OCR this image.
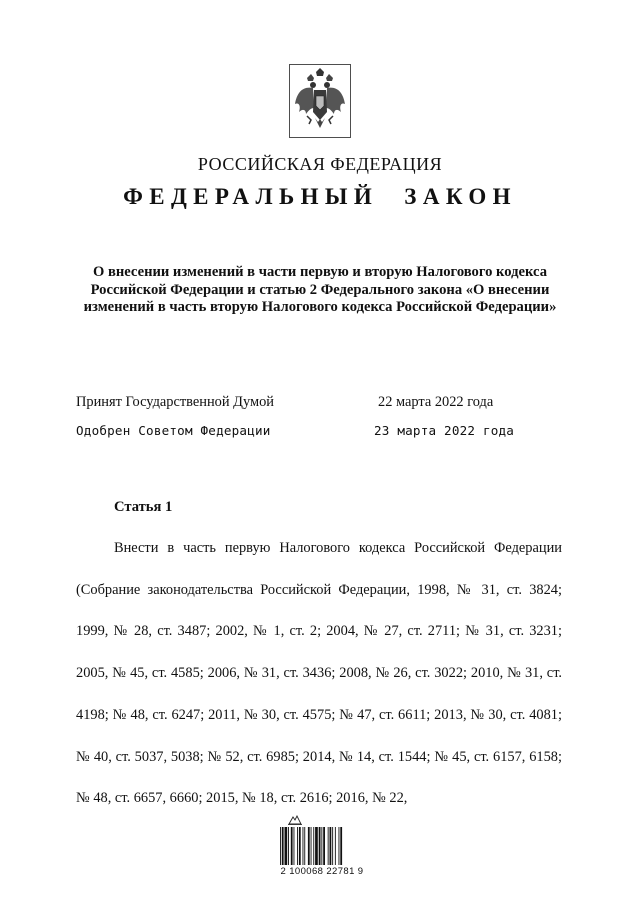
РОССИЙСКАЯ ФЕДЕРАЦИЯ
ФЕДЕРАЛЬНЫЙ ЗАКОН
О внесении изменений в части первую и вторую Налогового кодекса Российской Федерации и статью 2 Федерального закона «О внесении изменений в часть вторую Налогового кодекса Российской Федерации»
Принят Государственной Думой	22 марта 2022 года
Одобрен Советом Федерации	23 марта 2022 года
Статья 1
Внести в часть первую Налогового кодекса Российской Федерации (Собрание законодательства Российской Федерации, 1998, № 31, ст. 3824; 1999, № 28, ст. 3487; 2002, № 1, ст. 2; 2004, № 27, ст. 2711; № 31, ст. 3231; 2005, № 45, ст. 4585; 2006, № 31, ст. 3436; 2008, № 26, ст. 3022; 2010, № 31, ст. 4198; № 48, ст. 6247; 2011, № 30, ст. 4575; № 47, ст. 6611; 2013, № 30, ст. 4081; № 40, ст. 5037, 5038; № 52, ст. 6985; 2014, № 14, ст. 1544; № 45, ст. 6157, 6158; № 48, ст. 6657, 6660; 2015, № 18, ст. 2616; 2016, № 22,
2 100068 22781 9
